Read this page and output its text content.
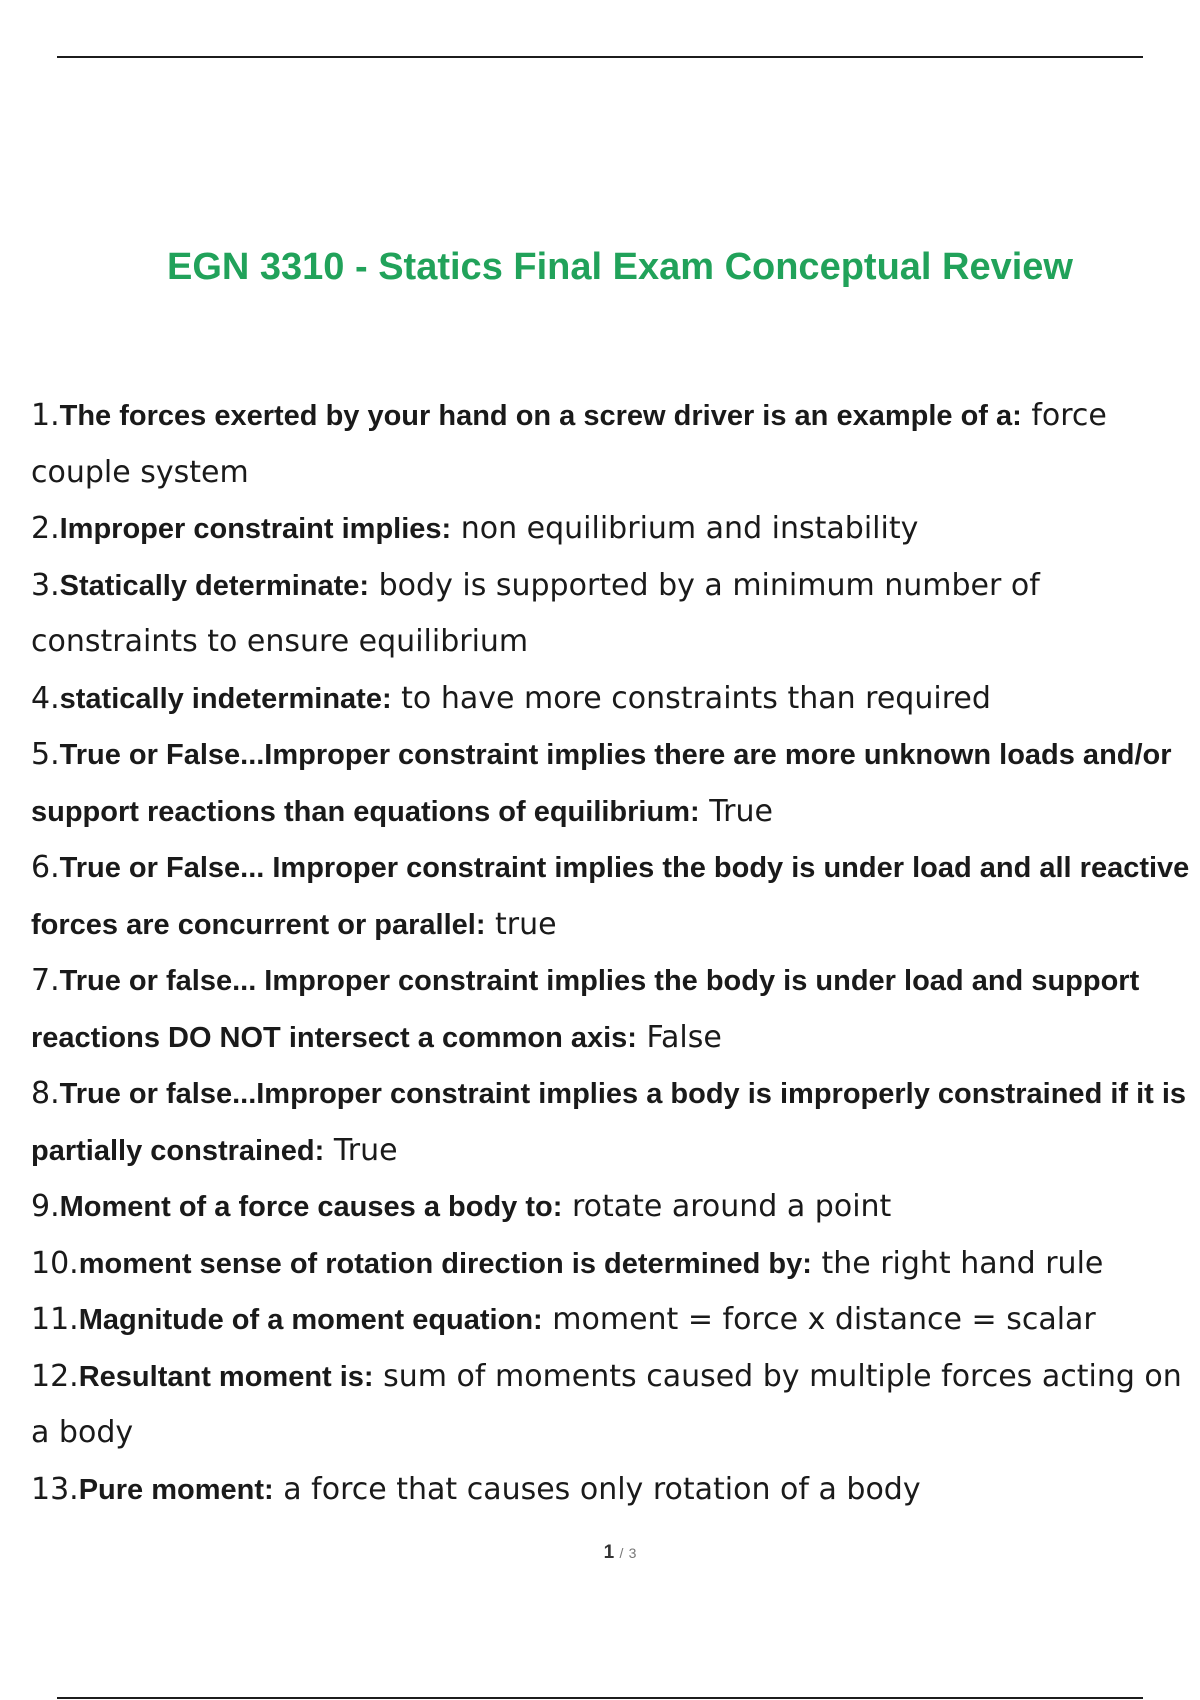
EGN 3310 - Statics Final Exam Conceptual Review
1.The forces exerted by your hand on a screw driver is an example of a: force couple system
2.Improper constraint implies: non equilibrium and instability
3.Statically determinate: body is supported by a minimum number of constraints to ensure equilibrium
4.statically indeterminate: to have more constraints than required
5.True or False...Improper constraint implies there are more unknown loads and/or support reactions than equations of equilibrium: True
6.True or False... Improper constraint implies the body is under load and all reactive forces are concurrent or parallel: true
7.True or false... Improper constraint implies the body is under load and support reactions DO NOT intersect a common axis: False
8.True or false...Improper constraint implies a body is improperly constrained if it is partially constrained: True
9.Moment of a force causes a body to: rotate around a point
10.moment sense of rotation direction is determined by: the right hand rule
11.Magnitude of a moment equation: moment = force x distance = scalar
12.Resultant moment is: sum of moments caused by multiple forces acting on a body
13.Pure moment: a force that causes only rotation of a body
1 / 3
